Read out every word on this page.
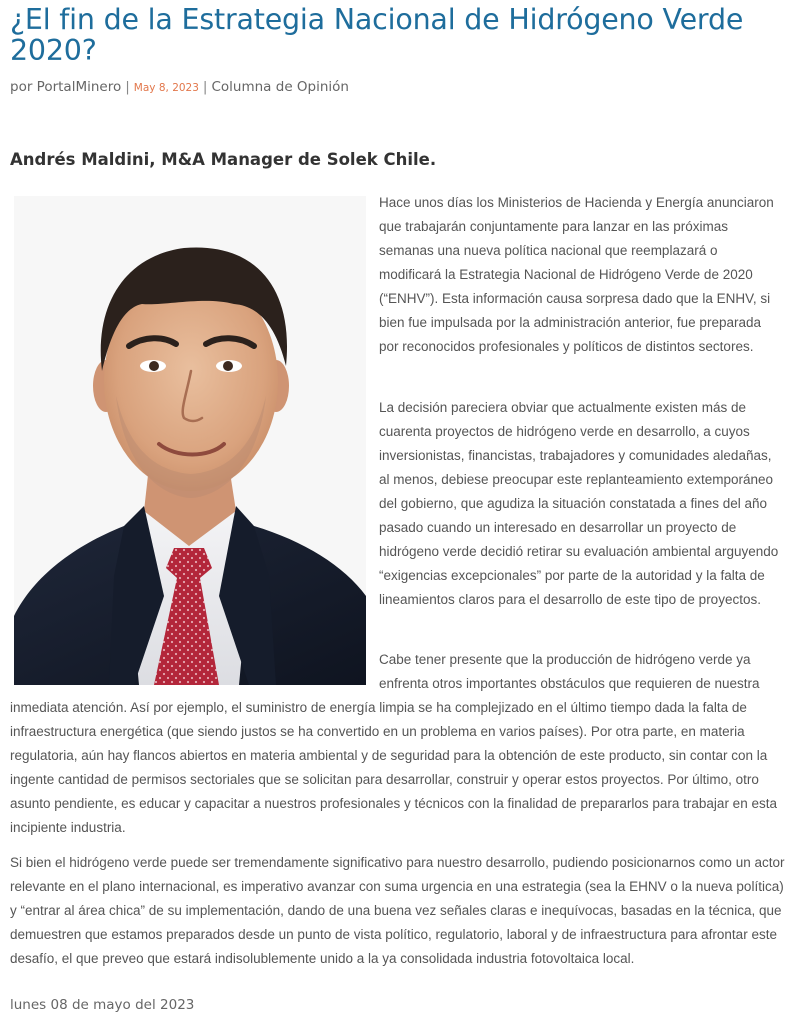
¿El fin de la Estrategia Nacional de Hidrógeno Verde 2020?
por PortalMinero | May 8, 2023 | Columna de Opinión
Andrés Maldini, M&A Manager de Solek Chile.

Hace unos días los Ministerios de Hacienda y Energía anunciaron que trabajarán conjuntamente para lanzar en las próximas semanas una nueva política nacional que reemplazará o modificará la Estrategia Nacional de Hidrógeno Verde de 2020 (“ENHV”). Esta información causa sorpresa dado que la ENHV, si bien fue impulsada por la administración anterior, fue preparada por reconocidos profesionales y políticos de distintos sectores.

La decisión pareciera obviar que actualmente existen más de cuarenta proyectos de hidrógeno verde en desarrollo, a cuyos inversionistas, financistas, trabajadores y comunidades aledañas, al menos, debiese preocupar este replanteamiento extemporáneo del gobierno, que agudiza la situación constatada a fines del año pasado cuando un interesado en desarrollar un proyecto de hidrógeno verde decidió retirar su evaluación ambiental arguyendo “exigencias excepcionales” por parte de la autoridad y la falta de lineamientos claros para el desarrollo de este tipo de proyectos.

Cabe tener presente que la producción de hidrógeno verde ya enfrenta otros importantes obstáculos que requieren de nuestra

inmediata atención. Así por ejemplo, el suministro de energía limpia se ha complejizado en el último tiempo dada la falta de infraestructura energética (que siendo justos se ha convertido en un problema en varios países). Por otra parte, en materia regulatoria, aún hay flancos abiertos en materia ambiental y de seguridad para la obtención de este producto, sin contar con la ingente cantidad de permisos sectoriales que se solicitan para desarrollar, construir y operar estos proyectos. Por último, otro asunto pendiente, es educar y capacitar a nuestros profesionales y técnicos con la finalidad de prepararlos para trabajar en esta incipiente industria.

Si bien el hidrógeno verde puede ser tremendamente significativo para nuestro desarrollo, pudiendo posicionarnos como un actor relevante en el plano internacional, es imperativo avanzar con suma urgencia en una estrategia (sea la EHNV o la nueva política) y “entrar al área chica” de su implementación, dando de una buena vez señales claras e inequívocas, basadas en la técnica, que demuestren que estamos preparados desde un punto de vista político, regulatorio, laboral y de infraestructura para afrontar este desafío, el que preveo que estará indisolublemente unido a la ya consolidada industria fotovoltaica local.

lunes 08 de mayo del 2023
